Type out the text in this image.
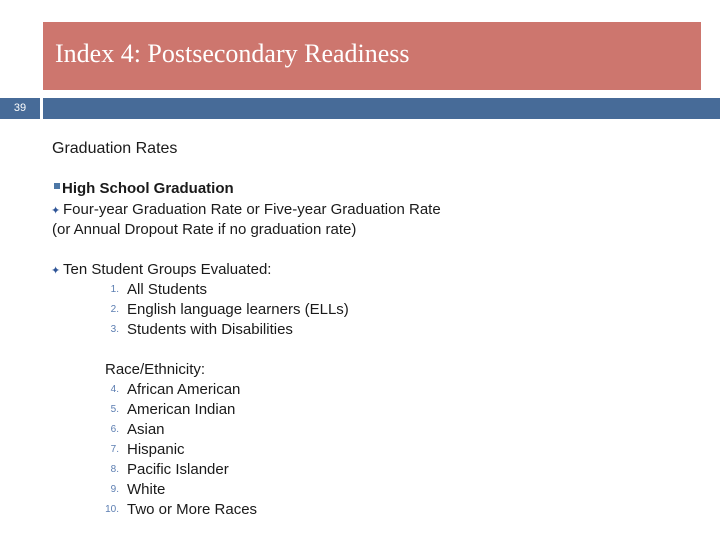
Index 4: Postsecondary Readiness
39
Graduation Rates
High School Graduation
✦ Four-year Graduation Rate or Five-year Graduation Rate
(or Annual Dropout Rate if no graduation rate)
✦ Ten Student Groups Evaluated:
1. All Students
2. English language learners (ELLs)
3. Students with Disabilities
Race/Ethnicity:
4. African American
5. American Indian
6. Asian
7. Hispanic
8. Pacific Islander
9. White
10. Two or More Races
